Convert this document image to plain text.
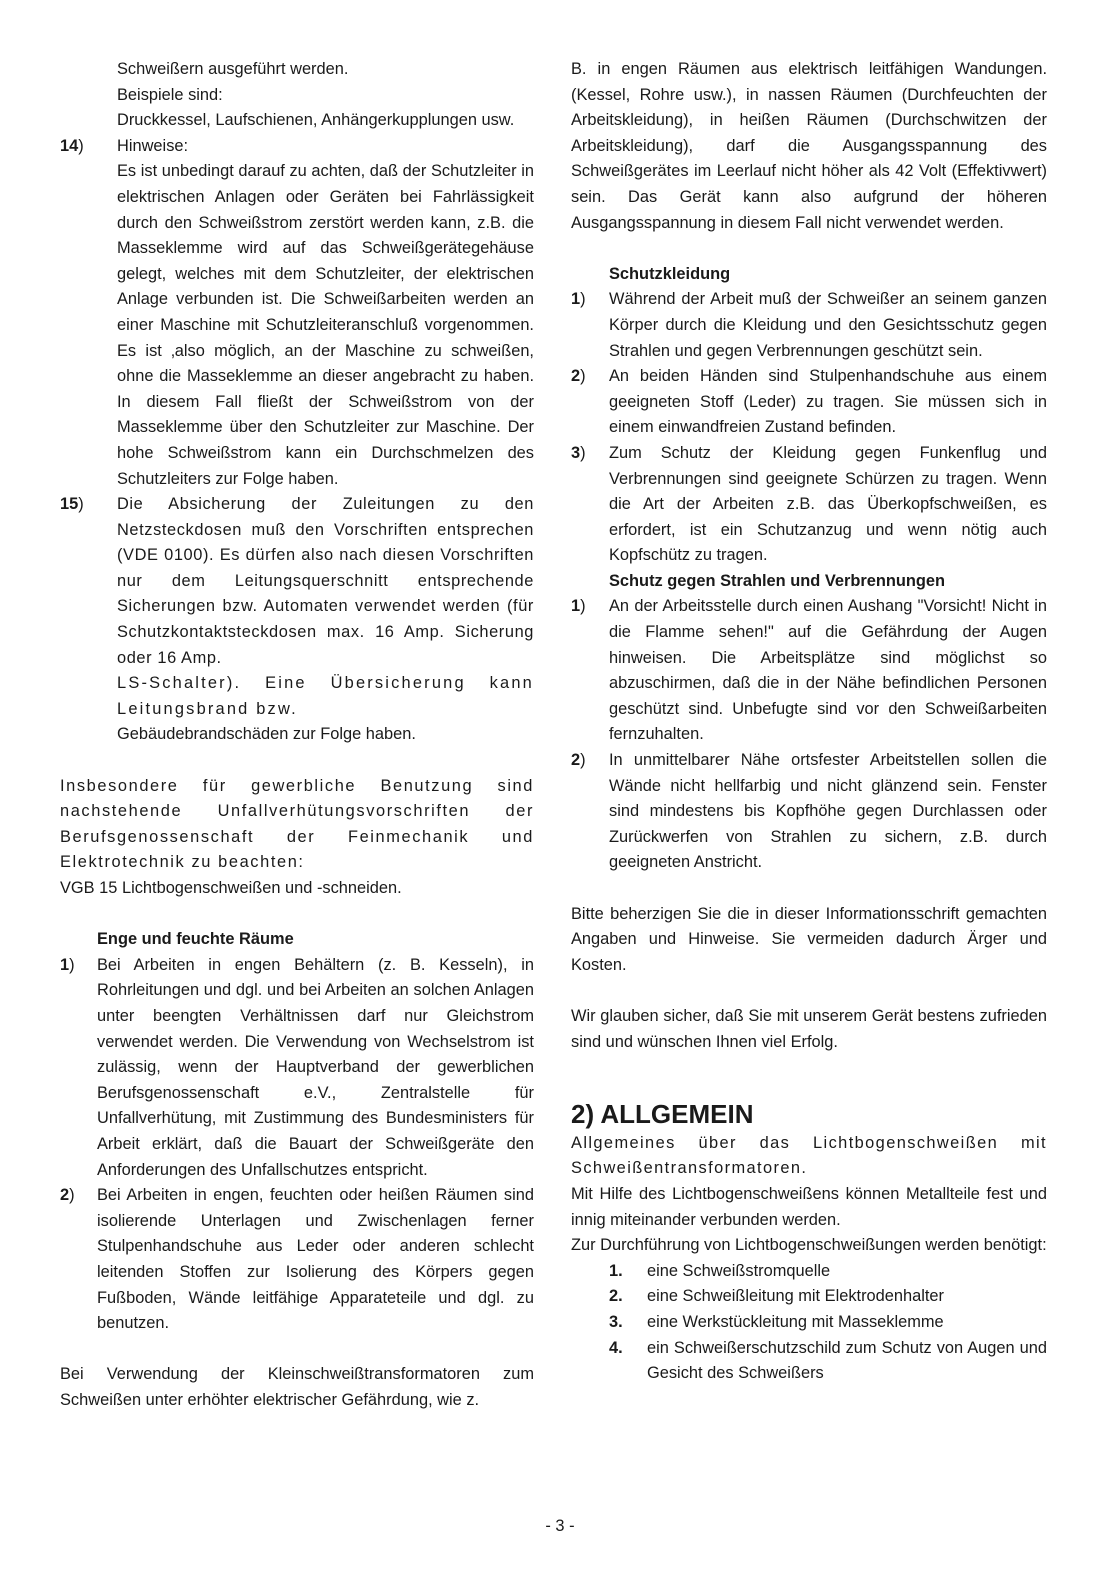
Schweißern ausgeführt werden.

Beispiele sind:

Druckkessel, Laufschienen, Anhängerkupplungen usw.

14)	Hinweise:

Es ist unbedingt darauf zu achten, daß der Schutzleiter in elektrischen Anlagen oder Geräten bei Fahrlässigkeit durch den Schweißstrom zerstört werden kann, z.B. die Masseklemme wird auf das Schweißgerätegehäuse gelegt, welches mit dem Schutzleiter, der elektrischen Anlage verbunden ist. Die Schweißarbeiten werden an einer Maschine mit Schutzleiteranschluß vorgenommen. Es ist ‚also möglich, an der Maschine zu schweißen, ohne die Masseklemme an dieser angebracht zu haben. In diesem Fall fließt der Schweißstrom von der Masseklemme über den Schutzleiter zur Maschine. Der hohe Schweißstrom kann ein Durchschmelzen des Schutzleiters zur Folge haben.

15)	Die Absicherung der Zuleitungen zu den Netzsteckdosen muß den Vorschriften entsprechen (VDE 0100). Es dürfen also nach diesen Vorschriften nur dem Leitungsquerschnitt entsprechende Sicherungen bzw. Automaten verwendet werden (für Schutzkontaktsteckdosen max. 16 Amp. Sicherung oder 16 Amp.

LS-Schalter). Eine Übersicherung kann Leitungsbrand bzw.

Gebäudebrandschäden zur Folge haben.

Insbesondere für gewerbliche Benutzung sind nachstehende Unfallverhütungsvorschriften der Berufsgenossenschaft der Feinmechanik und Elektrotechnik zu beachten:

VGB 15 Lichtbogenschweißen und -schneiden.

Enge und feuchte Räume

1)	Bei Arbeiten in engen Behältern (z. B. Kesseln), in Rohrleitungen und dgl. und bei Arbeiten an solchen Anlagen unter beengten Verhältnissen darf nur Gleichstrom verwendet werden. Die Verwendung von Wechselstrom ist zulässig, wenn der Hauptverband der gewerblichen Berufsgenossenschaft e.V., Zentralstelle für Unfallverhütung, mit Zustimmung des Bundesministers für Arbeit erklärt, daß die Bauart der Schweißgeräte den Anforderungen des Unfallschutzes entspricht.

2)	Bei Arbeiten in engen, feuchten oder heißen Räumen sind isolierende Unterlagen und Zwischenlagen ferner Stulpenhandschuhe aus Leder oder anderen schlecht leitenden Stoffen zur Isolierung des Körpers gegen Fußboden, Wände leitfähige Apparateteile und dgl. zu benutzen.

Bei Verwendung der Kleinschweißtransformatoren zum Schweißen unter erhöhter elektrischer Gefährdung, wie z.

B. in engen Räumen aus elektrisch leitfähigen Wandungen. (Kessel, Rohre usw.), in nassen Räumen (Durchfeuchten der Arbeitskleidung), in heißen Räumen (Durchschwitzen der Arbeitskleidung), darf die Ausgangsspannung des Schweißgerätes im Leerlauf nicht höher als 42 Volt (Effektivwert) sein. Das Gerät kann also aufgrund der höheren Ausgangsspannung in diesem Fall nicht verwendet werden.

Schutzkleidung

1)	Während der Arbeit muß der Schweißer an seinem ganzen Körper durch die Kleidung und den Gesichtsschutz gegen Strahlen und gegen Verbrennungen geschützt sein.

2)	An beiden Händen sind Stulpenhandschuhe aus einem geeigneten Stoff (Leder) zu tragen. Sie müssen sich in einem einwandfreien Zustand befinden.

3)	Zum Schutz der Kleidung gegen Funkenflug und Verbrennungen sind geeignete Schürzen zu tragen. Wenn die Art der Arbeiten z.B. das Überkopfschweißen, es erfordert, ist ein Schutzanzug und wenn nötig auch Kopfschütz zu tragen.

Schutz gegen Strahlen und Verbrennungen

1)	An der Arbeitsstelle durch einen Aushang "Vorsicht! Nicht in die Flamme sehen!" auf die Gefährdung der Augen hinweisen. Die Arbeitsplätze sind möglichst so abzuschirmen, daß die in der Nähe befindlichen Personen geschützt sind. Unbefugte sind vor den Schweißarbeiten fernzuhalten.

2)	In unmittelbarer Nähe ortsfester Arbeitstellen sollen die Wände nicht hellfarbig und nicht glänzend sein. Fenster sind mindestens bis Kopfhöhe gegen Durchlassen oder Zurückwerfen von Strahlen zu sichern, z.B. durch geeigneten Anstricht.

Bitte beherzigen Sie die in dieser Informationsschrift gemachten Angaben und Hinweise. Sie vermeiden dadurch Ärger und Kosten.

Wir glauben sicher, daß Sie mit unserem Gerät bestens zufrieden sind und wünschen Ihnen viel Erfolg.

2) ALLGEMEIN

Allgemeines über das Lichtbogenschweißen mit Schweißentransformatoren.

Mit Hilfe des Lichtbogenschweißens können Metallteile fest und innig miteinander verbunden werden.

Zur Durchführung von Lichtbogenschweißungen werden benötigt:

1.	eine Schweißstromquelle

2.	eine Schweißleitung mit Elektrodenhalter

3.	eine Werkstückleitung mit Masseklemme

4.	ein Schweißerschutzschild zum Schutz von Augen und Gesicht des Schweißers

- 3 -
